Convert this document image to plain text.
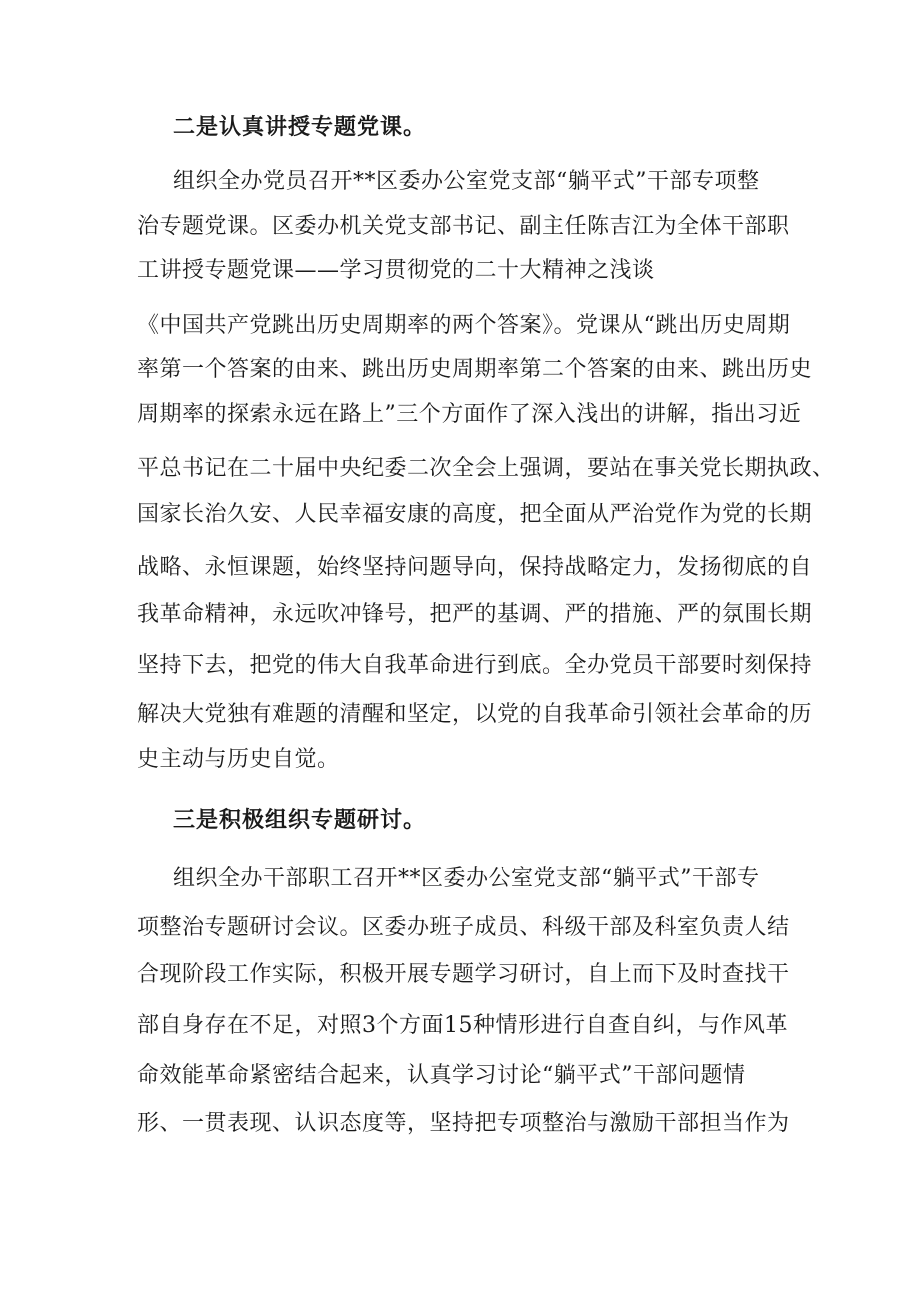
二是认真讲授专题党课。
组织全办党员召开**区委办公室党支部“躺平式”干部专项整
治专题党课。区委办机关党支部书记、副主任陈吉江为全体干部职
工讲授专题党课——学习贯彻党的二十大精神之浅谈
《中国共产党跳出历史周期率的两个答案》。党课从“跳出历史周期
率第一个答案的由来、跳出历史周期率第二个答案的由来、跳出历史
周期率的探索永远在路上”三个方面作了深入浅出的讲解，指出习近
平总书记在二十届中央纪委二次全会上强调，要站在事关党长期执政、
国家长治久安、人民幸福安康的高度，把全面从严治党作为党的长期
战略、永恒课题，始终坚持问题导向，保持战略定力，发扬彻底的自
我革命精神，永远吹冲锋号，把严的基调、严的措施、严的氛围长期
坚持下去，把党的伟大自我革命进行到底。全办党员干部要时刻保持
解决大党独有难题的清醒和坚定，以党的自我革命引领社会革命的历
史主动与历史自觉。
三是积极组织专题研讨。
组织全办干部职工召开**区委办公室党支部“躺平式”干部专
项整治专题研讨会议。区委办班子成员、科级干部及科室负责人结
合现阶段工作实际，积极开展专题学习研讨，自上而下及时查找干
部自身存在不足，对照3个方面15种情形进行自查自纠，与作风革
命效能革命紧密结合起来，认真学习讨论“躺平式”干部问题情
形、一贯表现、认识态度等，坚持把专项整治与激励干部担当作为
